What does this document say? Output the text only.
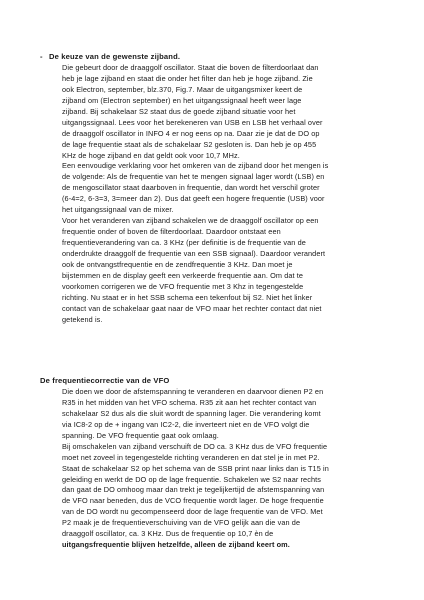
- De keuze van de gewenste zijband.
Die gebeurt door de draaggolf oscillator. Staat die boven de filterdoorlaat dan
heb je lage zijband en staat die onder het filter dan heb je hoge zijband. Zie
ook Electron, september, blz.370, Fig.7. Maar de uitgangsmixer keert de
zijband om (Electron september) en het uitgangssignaal heeft weer lage
zijband. Bij schakelaar S2 staat dus de goede zijband situatie voor het
uitgangssignaal. Lees voor het berekeneren van USB en LSB het verhaal over
de draaggolf oscillator in INFO 4 er nog eens op na. Daar zie je dat de DO op
de lage frequentie staat als de schakelaar S2 gesloten is. Dan heb je op 455
KHz de hoge zijband en dat geldt ook voor 10,7 MHz.
Een eenvoudige verklaring voor het omkeren van de zijband door het mengen is
de volgende: Als de frequentie van het te mengen signaal lager wordt (LSB) en
de mengoscillator staat daarboven in frequentie, dan wordt het verschil groter
(6-4=2, 6-3=3, 3=meer dan 2). Dus dat geeft een hogere frequentie (USB) voor
het uitgangssignaal van de mixer.
Voor het veranderen van zijband schakelen we de draaggolf oscillator op een
frequentie onder of boven de filterdoorlaat. Daardoor ontstaat een
frequentieverandering van ca. 3 KHz (per definitie is de frequentie van de
onderdrukte draaggolf de frequentie van een SSB signaal). Daardoor verandert
ook de ontvangstfrequentie en de zendfrequentie 3 KHz. Dan moet je
bijstemmen en de display geeft een verkeerde frequentie aan. Om dat te
voorkomen corrigeren we de VFO frequentie met 3 Khz in tegengestelde
richting. Nu staat er in het SSB schema een tekenfout bij S2. Niet het linker
contact van de schakelaar gaat naar de VFO maar het rechter contact dat niet
getekend is.
De frequentiecorrectie van de VFO
Die doen we door de afstemspanning te veranderen en daarvoor dienen P2 en
R35 in het midden van het VFO schema. R35 zit aan het rechter contact van
schakelaar S2 dus als die sluit wordt de spanning lager. Die verandering komt
via IC8-2 op de + ingang van IC2-2, die inverteert niet en de VFO volgt die
spanning. De VFO frequentie gaat ook omlaag.
Bij omschakelen van zijband verschuift de DO ca. 3 KHz dus de VFO frequentie
moet net zoveel in tegengestelde richting veranderen en dat stel je in met P2.
Staat de schakelaar S2 op het schema van de SSB print naar links dan is T15 in
geleiding en werkt de DO op de lage frequentie. Schakelen we S2 naar rechts
dan gaat de DO omhoog maar dan trekt je tegelijkertijd de afstemspanning van
de VFO naar beneden, dus de VCO frequentie wordt lager. De hoge frequentie
van de DO wordt nu gecompenseerd door de lage frequentie van de VFO. Met
P2 maak je de frequentieverschuiving van de VFO gelijk aan die van de
draaggolf oscillator, ca. 3 KHz. Dus de frequentie op 10,7 èn de
uitgangsfrequentie blijven hetzelfde, alleen de zijband keert om.
